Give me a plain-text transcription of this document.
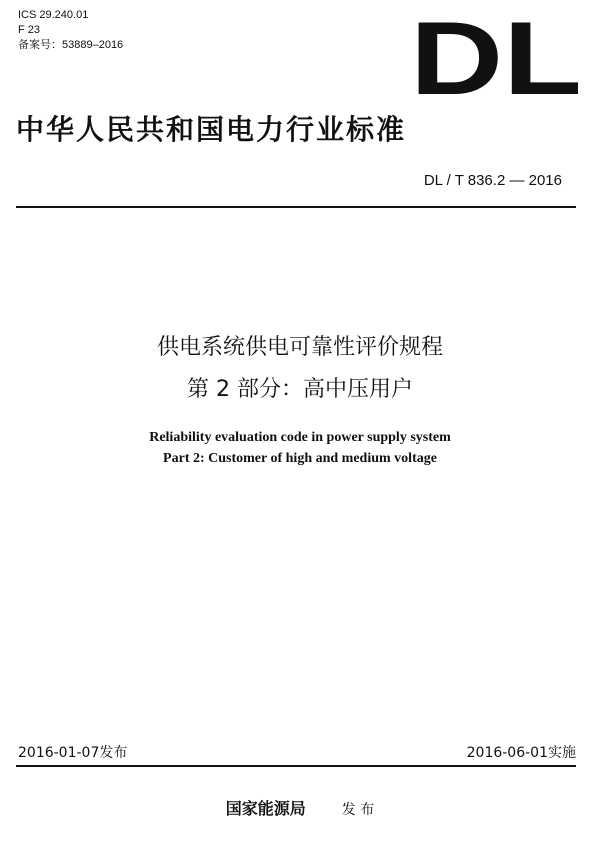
ICS 29.240.01
F 23
备案号：53889–2016	DL
中华人民共和国电力行业标准
DL / T 836.2 — 2016
供电系统供电可靠性评价规程
第 2 部分：高中压用户
Reliability evaluation code in power supply system
Part 2: Customer of high and medium voltage
2016-01-07发布	2016-06-01实施
国家能源局	发 布
